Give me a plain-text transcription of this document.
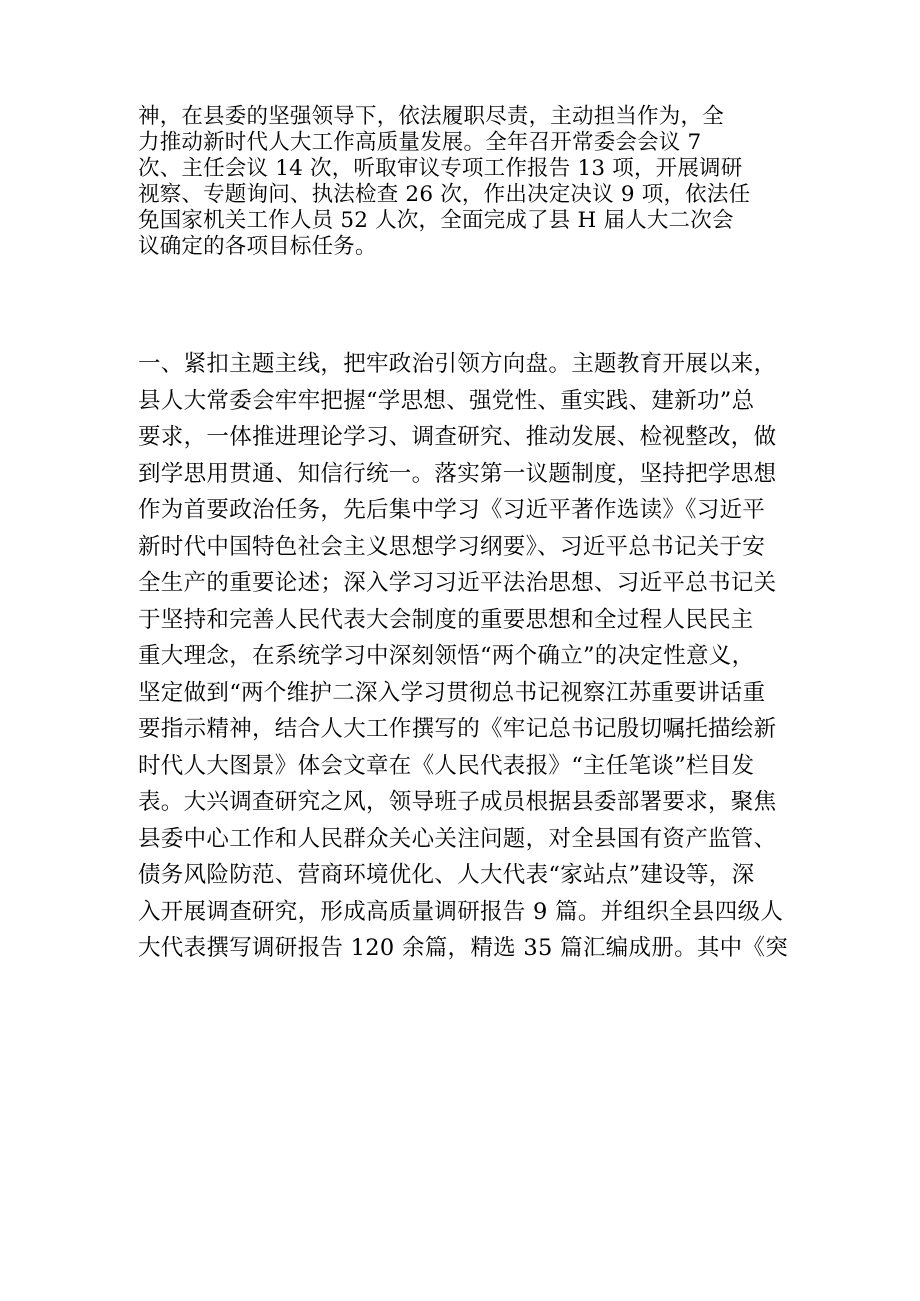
神，在县委的坚强领导下，依法履职尽责，主动担当作为，全
力推动新时代人大工作高质量发展。全年召开常委会会议 7
次、主任会议 14 次，听取审议专项工作报告 13 项，开展调研
视察、专题询问、执法检查 26 次，作出决定决议 9 项，依法任
免国家机关工作人员 52 人次，全面完成了县 H 届人大二次会
议确定的各项目标任务。
一、紧扣主题主线，把牢政治引领方向盘。主题教育开展以来，
县人大常委会牢牢把握“学思想、强党性、重实践、建新功”总
要求，一体推进理论学习、调查研究、推动发展、检视整改，做
到学思用贯通、知信行统一。落实第一议题制度，坚持把学思想
作为首要政治任务，先后集中学习《习近平著作选读》《习近平
新时代中国特色社会主义思想学习纲要》、习近平总书记关于安
全生产的重要论述；深入学习习近平法治思想、习近平总书记关
于坚持和完善人民代表大会制度的重要思想和全过程人民民主
重大理念，在系统学习中深刻领悟“两个确立”的决定性意义，
坚定做到“两个维护二深入学习贯彻总书记视察江苏重要讲话重
要指示精神，结合人大工作撰写的《牢记总书记殷切嘱托描绘新
时代人大图景》体会文章在《人民代表报》“主任笔谈”栏目发
表。大兴调查研究之风，领导班子成员根据县委部署要求，聚焦
县委中心工作和人民群众关心关注问题，对全县国有资产监管、
债务风险防范、营商环境优化、人大代表“家站点”建设等，深
入开展调查研究，形成高质量调研报告 9 篇。并组织全县四级人
大代表撰写调研报告 120 余篇，精选 35 篇汇编成册。其中《突
